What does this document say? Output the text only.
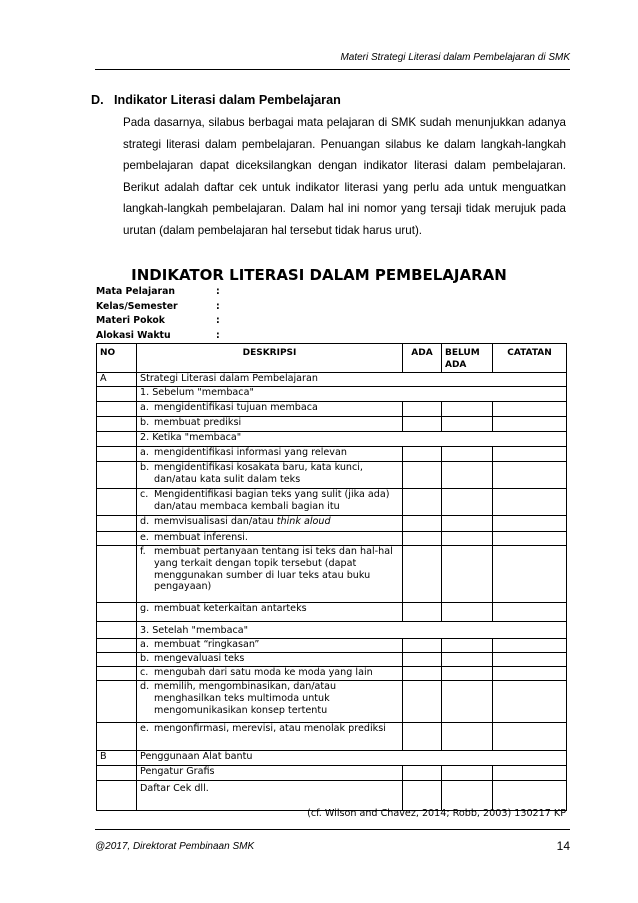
Materi Strategi Literasi dalam Pembelajaran di SMK
D. Indikator Literasi dalam Pembelajaran
Pada dasarnya, silabus berbagai mata pelajaran di SMK sudah menunjukkan adanya strategi literasi dalam pembelajaran. Penuangan silabus ke dalam langkah-langkah pembelajaran dapat diceksilangkan dengan indikator literasi dalam pembelajaran. Berikut adalah daftar cek untuk indikator literasi yang perlu ada untuk menguatkan langkah-langkah pembelajaran. Dalam hal ini nomor yang tersaji tidak merujuk pada urutan (dalam pembelajaran hal tersebut tidak harus urut).
INDIKATOR LITERASI DALAM PEMBELAJARAN
Mata Pelajaran	:
Kelas/Semester	:
Materi Pokok	:
Alokasi Waktu	:
NO	DESKRIPSI	ADA	BELUM ADA	CATATAN
A	Strategi Literasi dalam Pembelajaran			
	1. Sebelum "membaca"			

	a. mengidentifikasi tujuan membaca			

	b. membuat prediksi			

	2. Ketika "membaca"			

	a. mengidentifikasi informasi yang relevan			

	b. mengidentifikasi kosakata baru, kata kunci, dan/atau kata sulit dalam teks			

	c. Mengidentifikasi bagian teks yang sulit (jika ada) dan/atau membaca kembali bagian itu			

	d. memvisualisasi dan/atau think aloud			

	e. membuat inferensi.			

	f. membuat pertanyaan tentang isi teks dan hal-hal yang terkait dengan topik tersebut (dapat menggunakan sumber di luar teks atau buku pengayaan)			

	g. membuat keterkaitan antarteks			

	3. Setelah "membaca"			

	a. membuat “ringkasan”			

	b. mengevaluasi teks			

	c. mengubah dari satu moda ke moda yang lain			

	d. memilih, mengombinasikan, dan/atau menghasilkan teks multimoda untuk mengomunikasikan konsep tertentu			

	e. mengonfirmasi, merevisi, atau menolak prediksi			

B	Penggunaan Alat bantu			
	Pengatur Grafis			
	Daftar Cek dll.			
(cf. Wilson and Chavez, 2014; Robb, 2003) 130217 KP
@2017, Direktorat Pembinaan SMK	14
